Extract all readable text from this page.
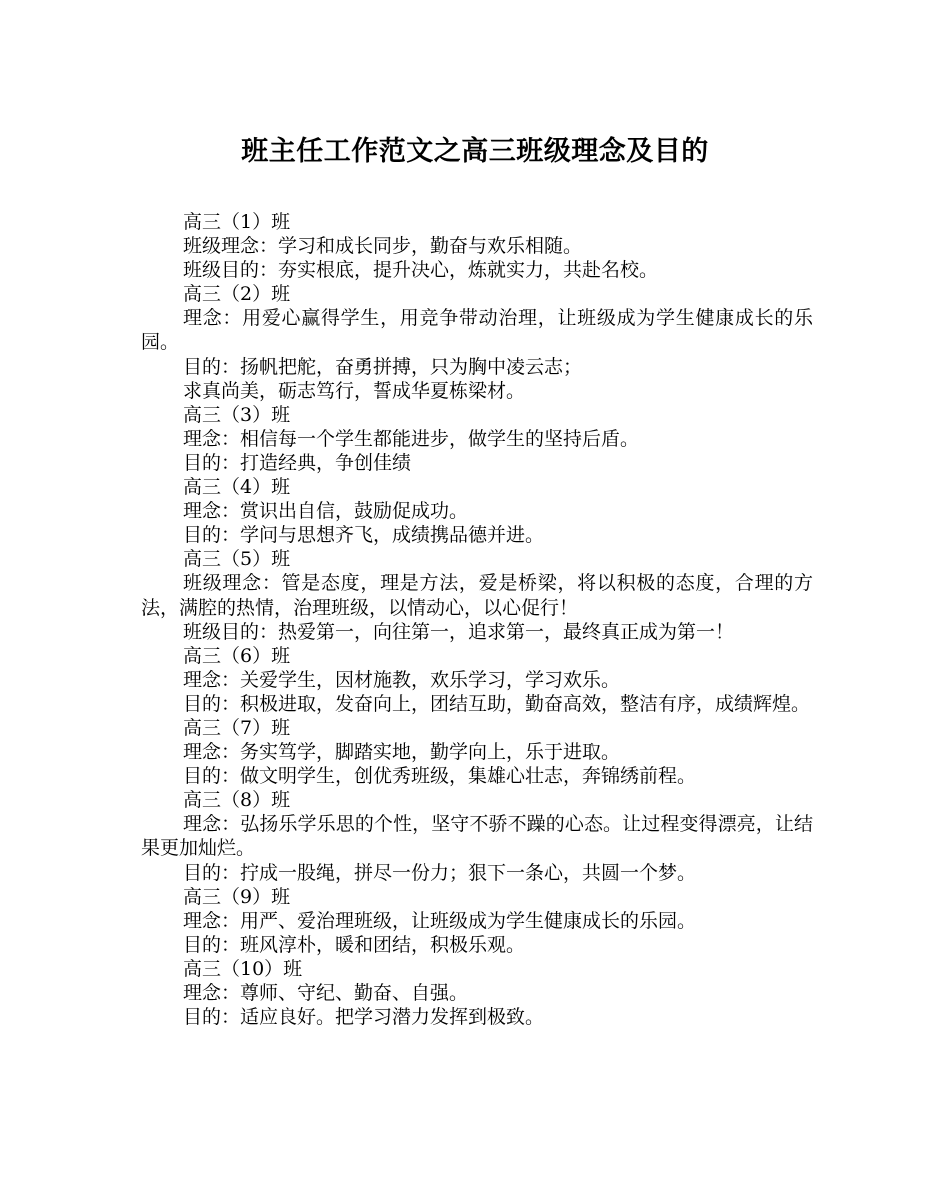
班主任工作范文之高三班级理念及目的

高三（1）班

班级理念：学习和成长同步，勤奋与欢乐相随。

班级目的：夯实根底，提升决心，炼就实力，共赴名校。

高三（2）班

理念：用爱心赢得学生，用竞争带动治理，让班级成为学生健康成长的乐园。

目的：扬帆把舵，奋勇拼搏，只为胸中凌云志；

求真尚美，砺志笃行，誓成华夏栋梁材。

高三（3）班

理念：相信每一个学生都能进步，做学生的坚持后盾。

目的：打造经典，争创佳绩

高三（4）班

理念：赏识出自信，鼓励促成功。

目的：学问与思想齐飞，成绩携品德并进。

高三（5）班

班级理念：管是态度，理是方法，爱是桥梁，将以积极的态度，合理的方法，满腔的热情，治理班级，以情动心，以心促行！

班级目的：热爱第一，向往第一，追求第一，最终真正成为第一！

高三（6）班

理念：关爱学生，因材施教，欢乐学习，学习欢乐。

目的：积极进取，发奋向上，团结互助，勤奋高效，整洁有序，成绩辉煌。

高三（7）班

理念：务实笃学，脚踏实地，勤学向上，乐于进取。

目的：做文明学生，创优秀班级，集雄心壮志，奔锦绣前程。

高三（8）班

理念：弘扬乐学乐思的个性，坚守不骄不躁的心态。让过程变得漂亮，让结果更加灿烂。

目的：拧成一股绳，拼尽一份力；狠下一条心，共圆一个梦。

高三（9）班

理念：用严、爱治理班级，让班级成为学生健康成长的乐园。

目的：班风淳朴，暖和团结，积极乐观。

高三（10）班

理念：尊师、守纪、勤奋、自强。

目的：适应良好。把学习潜力发挥到极致。
